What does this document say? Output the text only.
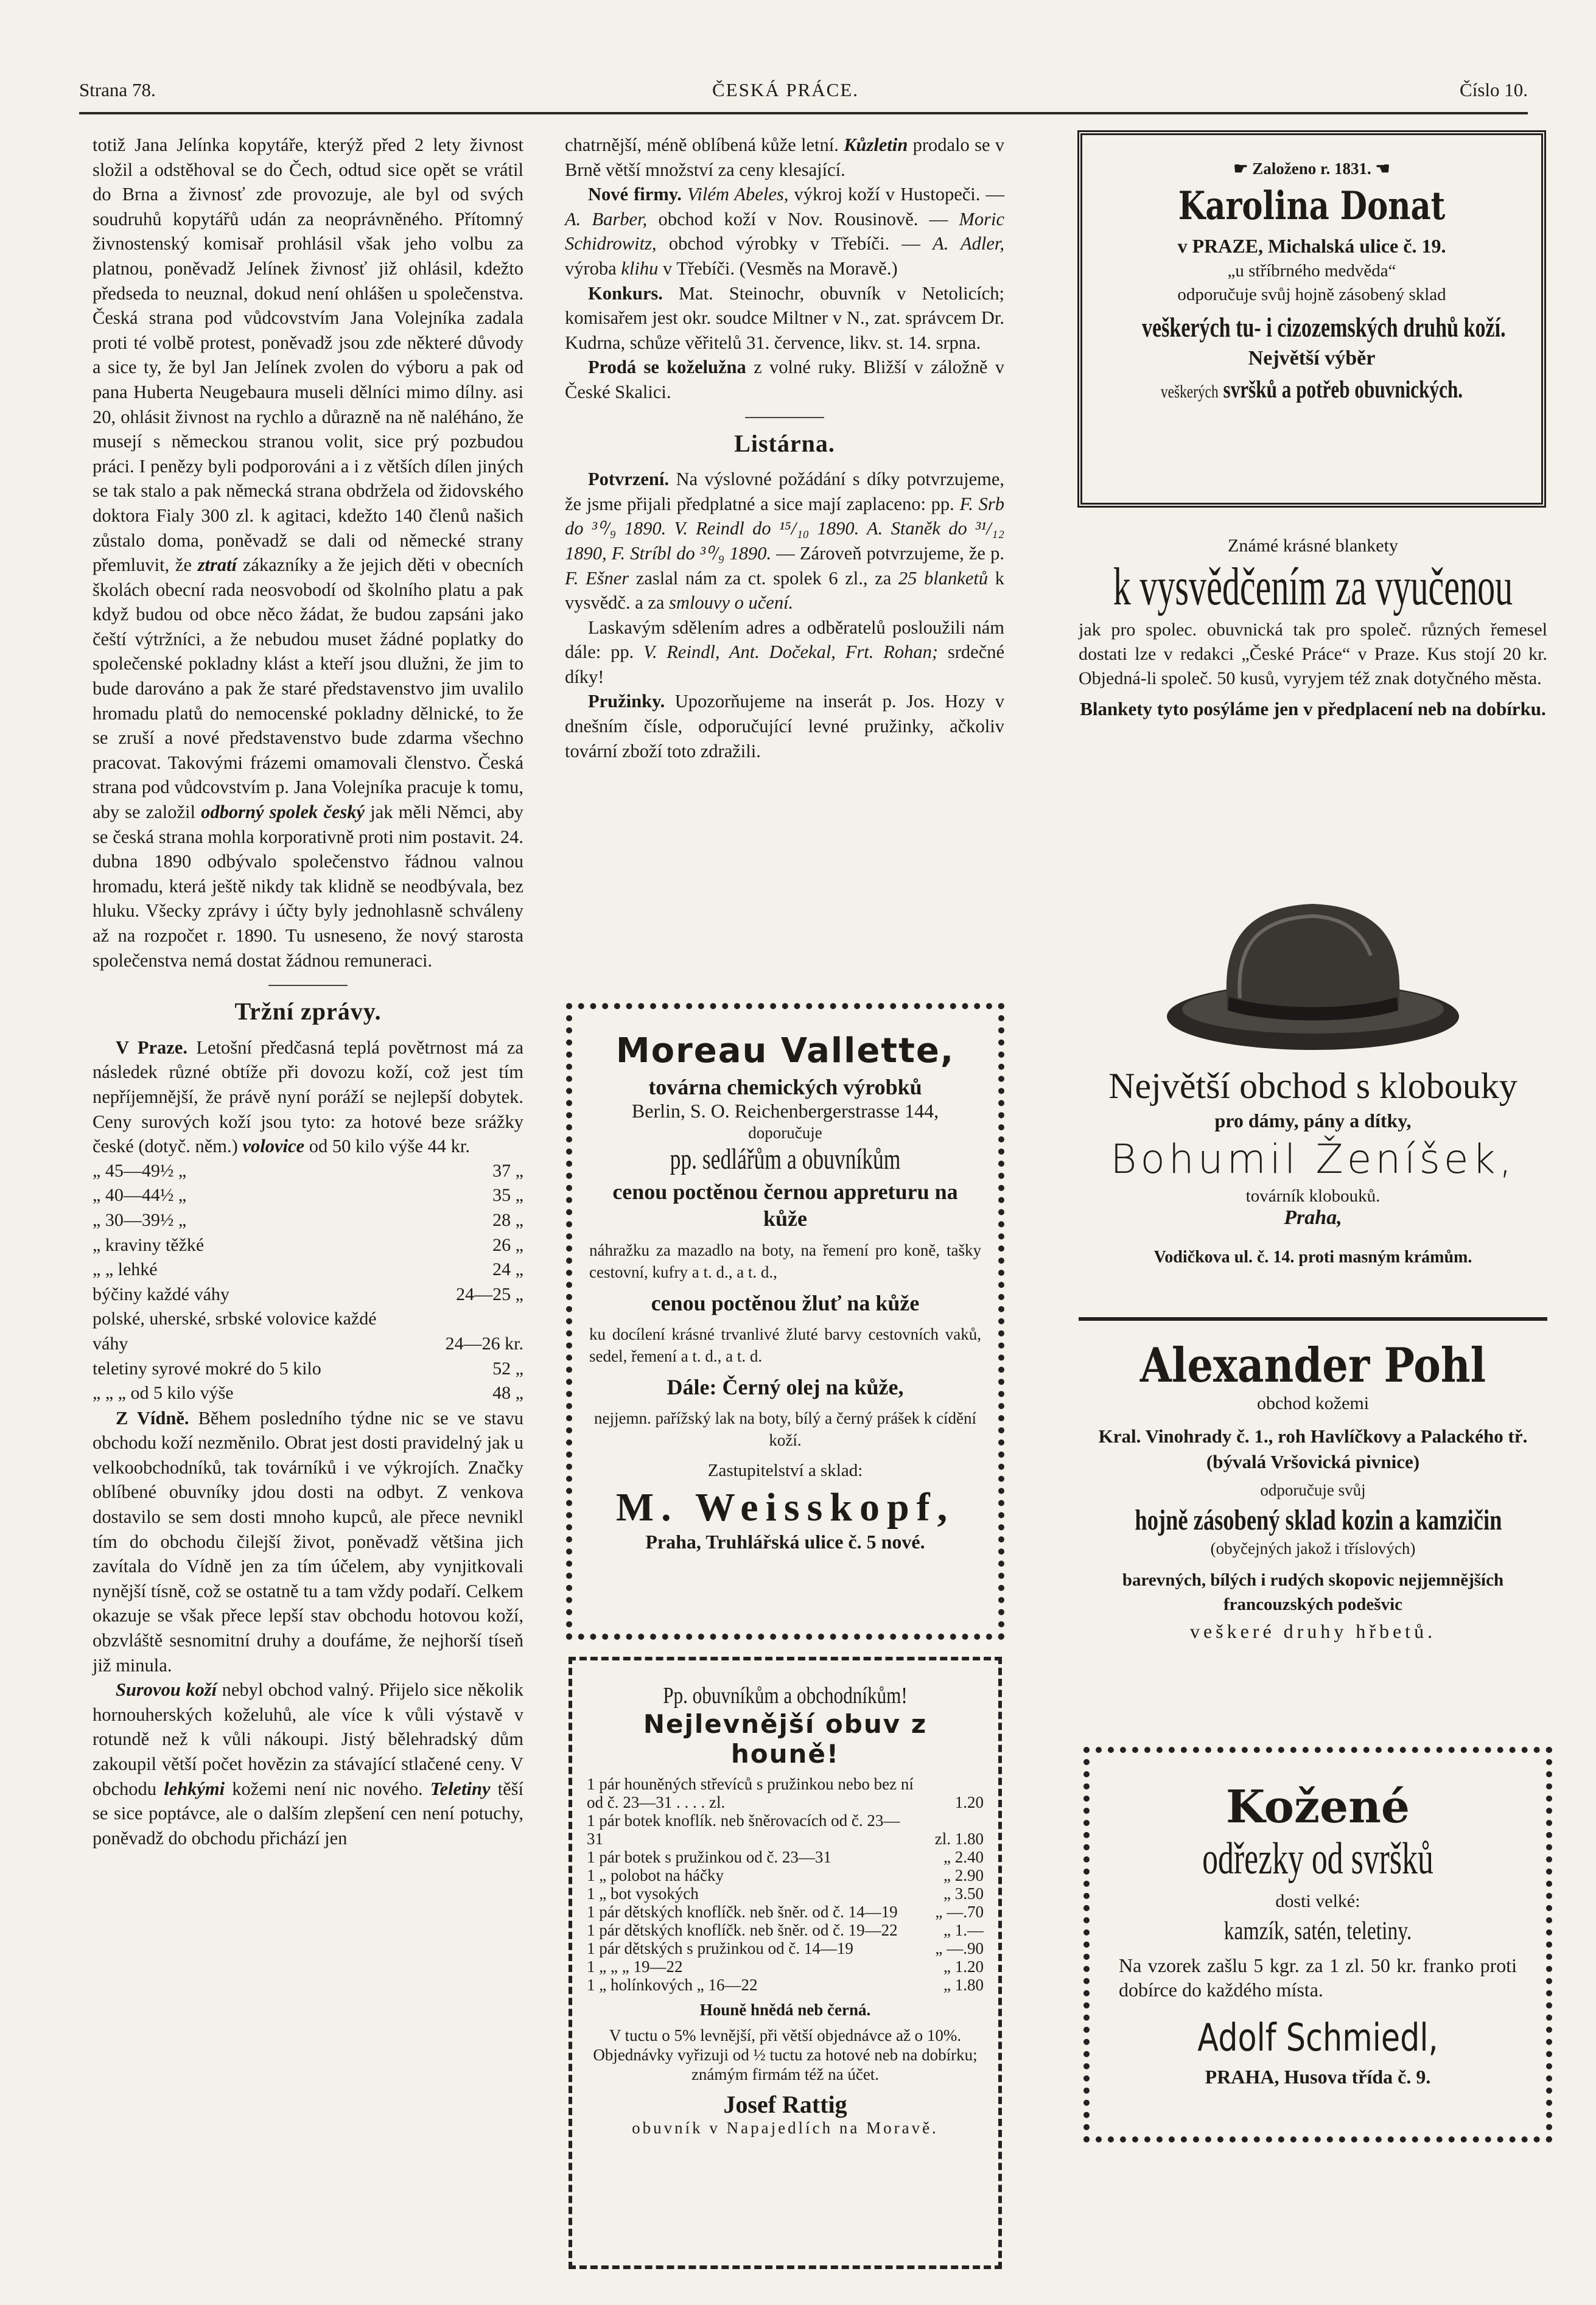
Strana 78.	ČESKÁ PRÁCE.	Číslo 10.

totiž Jana Jelínka kopytáře, kterýž před 2 lety živnost složil a odstěhoval se do Čech, odtud sice opět se vrátil do Brna a živnosť zde provozuje, ale byl od svých soudruhů kopytářů udán za neoprávněného. Přítomný živnostenský komisař prohlásil však jeho volbu za platnou, poněvadž Jelínek živnosť již ohlásil, kdežto předseda to neuznal, dokud není ohlášen u společenstva. Česká strana pod vůdcovstvím Jana Volejníka zadala proti té volbě protest, poněvadž jsou zde některé důvody a sice ty, že byl Jan Jelínek zvolen do výboru a pak od pana Huberta Neugebaura museli dělníci mimo dílny. asi 20, ohlásit živnost na rychlo a důrazně na ně naléháno, že musejí s německou stranou volit, sice prý pozbudou práci. I penězy byli podporováni a i z větších dílen jiných se tak stalo a pak německá strana obdržela od židovského doktora Fialy 300 zl. k agitaci, kdežto 140 členů našich zůstalo doma, poněvadž se dali od německé strany přemluvit, že ztratí zákazníky a že jejich děti v obecních školách obecní rada neosvobodí od školního platu a pak když budou od obce něco žádat, že budou zapsáni jako čeští výtržníci, a že nebudou muset žádné poplatky do společenské pokladny klást a kteří jsou dlužni, že jim to bude darováno a pak že staré představenstvo jim uvalilo hromadu platů do nemocenské pokladny dělnické, to že se zruší a nové představenstvo bude zdarma všechno pracovat. Takovými frázemi omamovali členstvo. Česká strana pod vůdcovstvím p. Jana Volejníka pracuje k tomu, aby se založil odborný spolek český jak měli Němci, aby se česká strana mohla korporativně proti nim postavit. 24. dubna 1890 odbývalo společenstvo řádnou valnou hromadu, která ještě nikdy tak klidně se neodbývala, bez hluku. Všecky zprávy i účty byly jednohlasně schváleny až na rozpočet r. 1890. Tu usneseno, že nový starosta společenstva nemá dostat žádnou remuneraci.

Tržní zprávy.

V Praze. Letošní předčasná teplá povětrnost má za následek různé obtíže při dovozu koží, což jest tím nepříjemnější, že právě nyní poráží se nejlepší dobytek. Ceny surových koží jsou tyto: za hotové beze srážky české (dotyč. něm.) volovice od 50 kilo výše 44 kr.

„ 45—49½ „	37 „
„ 40—44½ „	35 „
„ 30—39½ „	28 „
„ kraviny těžké	26 „
„ „ lehké	24 „
býčiny každé váhy	24—25 „
polské, uherské, srbské volovice každé	
váhy	24—26 kr.
teletiny syrové mokré do 5 kilo	52 „
„ „ „ od 5 kilo výše	48 „

Z Vídně. Během posledního týdne nic se ve stavu obchodu koží nezměnilo. Obrat jest dosti pravidelný jak u velkoobchodníků, tak továrníků i ve výkrojích. Značky oblíbené obuvníky jdou dosti na odbyt. Z venkova dostavilo se sem dosti mnoho kupců, ale přece nevnikl tím do obchodu čilejší život, poněvadž většina jich zavítala do Vídně jen za tím účelem, aby vynjitkovali nynější tísně, což se ostatně tu a tam vždy podaří. Celkem okazuje se však přece lepší stav obchodu hotovou koží, obzvláště sesnomitní druhy a doufáme, že nejhorší tíseň již minula.

Surovou koží nebyl obchod valný. Přijelo sice několik hornouherských koželuhů, ale více k vůli výstavě v rotundě než k vůli nákoupi. Jistý bělehradský dům zakoupil větší počet hovězin za stávající stlačené ceny. V obchodu lehkými kožemi není nic nového. Teletiny těší se sice poptávce, ale o dalším zlepšení cen není potuchy, poněvadž do obchodu přichází jen

chatrnější, méně oblíbená kůže letní. Kůzletin prodalo se v Brně větší množství za ceny klesající.

Nové firmy. Vilém Abeles, výkroj koží v Hustopeči. — A. Barber, obchod koží v Nov. Rousinově. — Moric Schidrowitz, obchod výrobky v Třebíči. — A. Adler, výroba klihu v Třebíči. (Vesměs na Moravě.)

Konkurs. Mat. Steinochr, obuvník v Netolicích; komisařem jest okr. soudce Miltner v N., zat. správcem Dr. Kudrna, schůze věřitelů 31. července, likv. st. 14. srpna.

Prodá se koželužna z volné ruky. Bližší v záložně v České Skalici.

Listárna.

Potvrzení. Na výslovné požádání s díky potvrzujeme, že jsme přijali předplatné a sice mají zaplaceno: pp. F. Srb do ³⁰/₉ 1890. V. Reindl do ¹⁵/₁₀ 1890. A. Staněk do ³¹/₁₂ 1890, F. Stríbl do ³⁰/₉ 1890. — Zároveň potvrzujeme, že p. F. Ešner zaslal nám za ct. spolek 6 zl., za 25 blanketů k vysvědč. a za smlouvy o učení.

Laskavým sdělením adres a odběratelů posloužili nám dále: pp. V. Reindl, Ant. Dočekal, Frt. Rohan; srdečné díky!

Pružinky. Upozorňujeme na inserát p. Jos. Hozy v dnešním čísle, odporučující levné pružinky, ačkoliv tovární zboží toto zdražili.

Moreau Vallette,
továrna chemických výrobků
Berlin, S. O. Reichenbergerstrasse 144,
doporučuje
pp. sedlářům a obuvníkům
cenou poctěnou černou appreturu na kůže
náhražku za mazadlo na boty, na řemení pro koně, tašky cestovní, kufry a t. d., a t. d.,
cenou poctěnou žluť na kůže
ku docílení krásné trvanlivé žluté barvy cestovních vaků, sedel, řemení a t. d., a t. d.
Dále: Černý olej na kůže,
nejjemn. pařížský lak na boty, bílý a černý prášek k cídění koží.
Zastupitelství a sklad:
M. Weisskopf,
Praha, Truhlářská ulice č. 5 nové.
Pp. obuvníkům a obchodníkům!
Nejlevnější obuv z houně!
1 pár houněných střevíců s pružinkou nebo bez ní od č. 23—31 . . . . zl.	1.20
1 pár botek knoflík. neb šněrovacích od č. 23—31	zl. 1.80
1 pár botek s pružinkou od č. 23—31	„ 2.40
1 „ polobot na háčky	„ 2.90
1 „ bot vysokých	„ 3.50
1 pár dětských knoflíčk. neb šněr. od č. 14—19	„ —.70
1 pár dětských knoflíčk. neb šněr. od č. 19—22	„ 1.—
1 pár dětských s pružinkou od č. 14—19	„ —.90
1 „ „ „ 19—22	„ 1.20
1 „ holínkových „ 16—22	„ 1.80
Houně hnědá neb černá.
V tuctu o 5% levnější, při větší objednávce až o 10%. Objednávky vyřizuji od ½ tuctu za hotové neb na dobírku; známým firmám též na účet.
Josef Rattig
obuvník v Napajedlích na Moravě.
☛ Založeno r. 1831. ☚
Karolina Donat
v PRAZE, Michalská ulice č. 19.
„u stříbrného medvěda“
odporučuje svůj hojně zásobený sklad
veškerých tu- i cizozemských druhů koží.
Největší výběr
veškerých svršků a potřeb obuvnických.
Známé krásné blankety
k vysvědčením za vyučenou
jak pro spolec. obuvnická tak pro společ. různých řemesel dostati lze v redakci „České Práce“ v Praze. Kus stojí 20 kr. Objedná-li společ. 50 kusů, vyryjem též znak dotyčného města.
Blankety tyto posýláme jen v předplacení neb na dobírku.
Největší obchod s klobouky
pro dámy, pány a dítky,
Bohumil Ženíšek,
továrník klobouků.
Praha,
Vodičkova ul. č. 14. proti masným krámům.
Alexander Pohl
obchod kožemi
Kral. Vinohrady č. 1., roh Havlíčkovy a Palackého tř. (bývalá Vršovická pivnice)
odporučuje svůj
hojně zásobený sklad kozin a kamzičin
(obyčejných jakož i tříslových)
barevných, bílých i rudých skopovic nejjemnějších francouzských podešvic
veškeré druhy hřbetů.
Kožené
odřezky od svršků
dosti velké:
kamzík, satén, teletiny.
Na vzorek zašlu 5 kgr. za 1 zl. 50 kr. franko proti dobírce do každého místa.
Adolf Schmiedl,
PRAHA, Husova třída č. 9.
